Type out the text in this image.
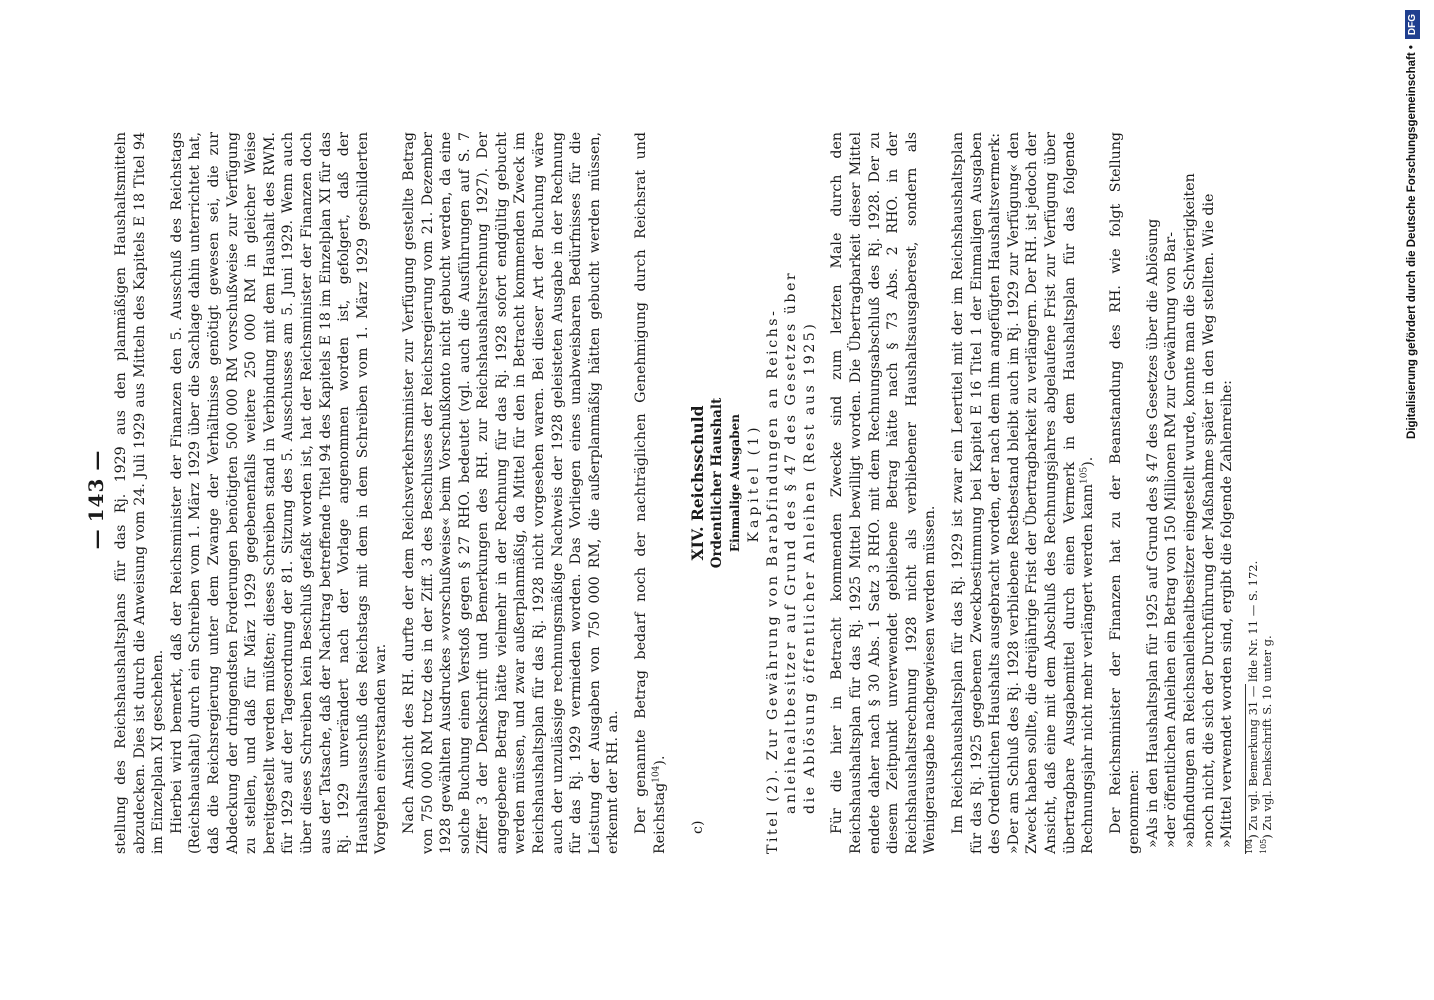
— 143 — stellung des Reichshaushaltsplans für das Rj. 1929 aus den planmäßigen Haushaltsmitteln abzudecken. Dies ist durch die Anweisung vom 24. Juli 1929 aus Mitteln des Kapitels E 18 Titel 94 im Einzelplan XI geschehen. Hierbei wird bemerkt, daß der Reichsminister der Finanzen den 5. Ausschuß des Reichstags (Reichshaushalt) durch ein Schreiben vom 1. März 1929 über die Sachlage dahin unterrichtet hat, daß die Reichsregierung unter dem Zwange der Verhältnisse genötigt gewesen sei, die zur Abdeckung der dringendsten Forderungen benötigten 500 000 RM vorschußweise zur Verfügung zu stellen, und daß für März 1929 gegebenenfalls weitere 250 000 RM in gleicher Weise bereitgestellt werden müßten; dieses Schreiben stand in Verbindung mit dem Haushalt des RWM. für 1929 auf der Tagesordnung der 81. Sitzung des 5. Ausschusses am 5. Juni 1929. Wenn auch über dieses Schreiben kein Beschluß gefaßt worden ist, hat der Reichsminister der Finanzen doch aus der Tatsache, daß der Nachtrag betreffende Titel 94 des Kapitels E 18 im Einzelplan XI für das Rj. 1929 unverändert nach der Vorlage angenommen worden ist, gefolgert, daß der Haushaltsausschuß des Reichstags mit dem in dem Schreiben vom 1. März 1929 geschilderten Vorgehen einverstanden war. Nach Ansicht des RH. durfte der dem Reichsverkehrsminister zur Verfügung gestellte Betrag von 750 000 RM trotz des in der Ziff. 3 des Beschlusses der Reichsregierung vom 21. Dezember 1928 gewählten Ausdruckes »vorschußweise« beim Vorschußkonto nicht gebucht werden, da eine solche Buchung einen Verstoß gegen § 27 RHO. bedeutet (vgl. auch die Ausführungen auf S. 7 Ziffer 3 der Denkschrift und Bemerkungen des RH. zur Reichshaushaltsrechnung 1927). Der angegebene Betrag hätte vielmehr in der Rechnung für das Rj. 1928 sofort endgültig gebucht werden müssen, und zwar außerplanmäßig, da Mittel für den in Betracht kommenden Zweck im Reichshaushaltsplan für das Rj. 1928 nicht vorgesehen waren. Bei dieser Art der Buchung wäre auch der unzulässige rechnungsmäßige Nachweis der 1928 geleisteten Ausgabe in der Rechnung für das Rj. 1929 vermieden worden. Das Vorliegen eines unabweisbaren Bedürfnisses für die Leistung der Ausgaben von 750 000 RM, die außerplanmäßig hätten gebucht werden müssen, erkennt der RH. an. Der genannte Betrag bedarf noch der nachträglichen Genehmigung durch Reichsrat und Reichstag$^{104}$).

c)

XIV. Reichsschuld Ordentlicher Haushalt Einmalige Ausgaben Kapitel (1) Titel (2). Zur Gewährung von Barabfindungen an Reichs- anleihealtbesitzer auf Grund des § 47 des Gesetzes über die Ablösung öffentlicher Anleihen (Rest aus 1925) Für die hier in Betracht kommenden Zwecke sind zum letzten Male durch den Reichshaushaltsplan für das Rj. 1925 Mittel bewilligt worden. Die Übertragbarkeit dieser Mittel endete daher nach § 30 Abs. 1 Satz 3 RHO. mit dem Rechnungsabschluß des Rj. 1928. Der zu diesem Zeitpunkt unverwendet gebliebene Betrag hätte nach § 73 Abs. 2 RHO. in der Reichshaushaltsrechnung 1928 nicht als verbliebener Haushaltsausgaberest, sondern als Wenigerausgabe nachgewiesen werden müssen. Im Reichshaushaltsplan für das Rj. 1929 ist zwar ein Leertitel mit der im Reichshaushaltsplan für das Rj. 1925 gegebenen Zweckbestimmung bei Kapitel E 16 Titel 1 der Einmaligen Ausgaben des Ordentlichen Haushalts ausgebracht worden, der nach dem ihm angefügten Haushaltsvermerk: »Der am Schluß des Rj. 1928 verbliebene Restbestand bleibt auch im Rj. 1929 zur Verfügung« den Zweck haben sollte, die dreijährige Frist der Übertragbarkeit zu verlängern. Der RH. ist jedoch der Ansicht, daß eine mit dem Abschluß des Rechnungsjahres abgelaufene Frist zur Verfügung über übertragbare Ausgabemittel durch einen Vermerk in dem Haushaltsplan für das folgende Rechnungsjahr nicht mehr verlängert werden kann$^{105}$). Der Reichsminister der Finanzen hat zu der Beanstandung des RH. wie folgt Stellung genommen: »Als in den Haushaltsplan für 1925 auf Grund des § 47 des Gesetzes über die Ablösung »der öffentlichen Anleihen ein Betrag von 150 Millionen RM zur Gewährung von Bar- »abfindungen an Reichsanleihealtbesitzer eingestellt wurde, konnte man die Schwierigkeiten »noch nicht, die sich der Durchführung der Maßnahme später in den Weg stellten. Wie die »Mittel verwendet worden sind, ergibt die folgende Zahlenreihe: $^{104}$) Zu vgl. Bemerkung 31 — lfde Nr. 11 — S. 172.

$^{105}$) Zu vgl. Denkschrift S. 10 unter g.

Digitalisierung gefördert durch die Deutsche Forschungsgemeinschaft •
DFG
